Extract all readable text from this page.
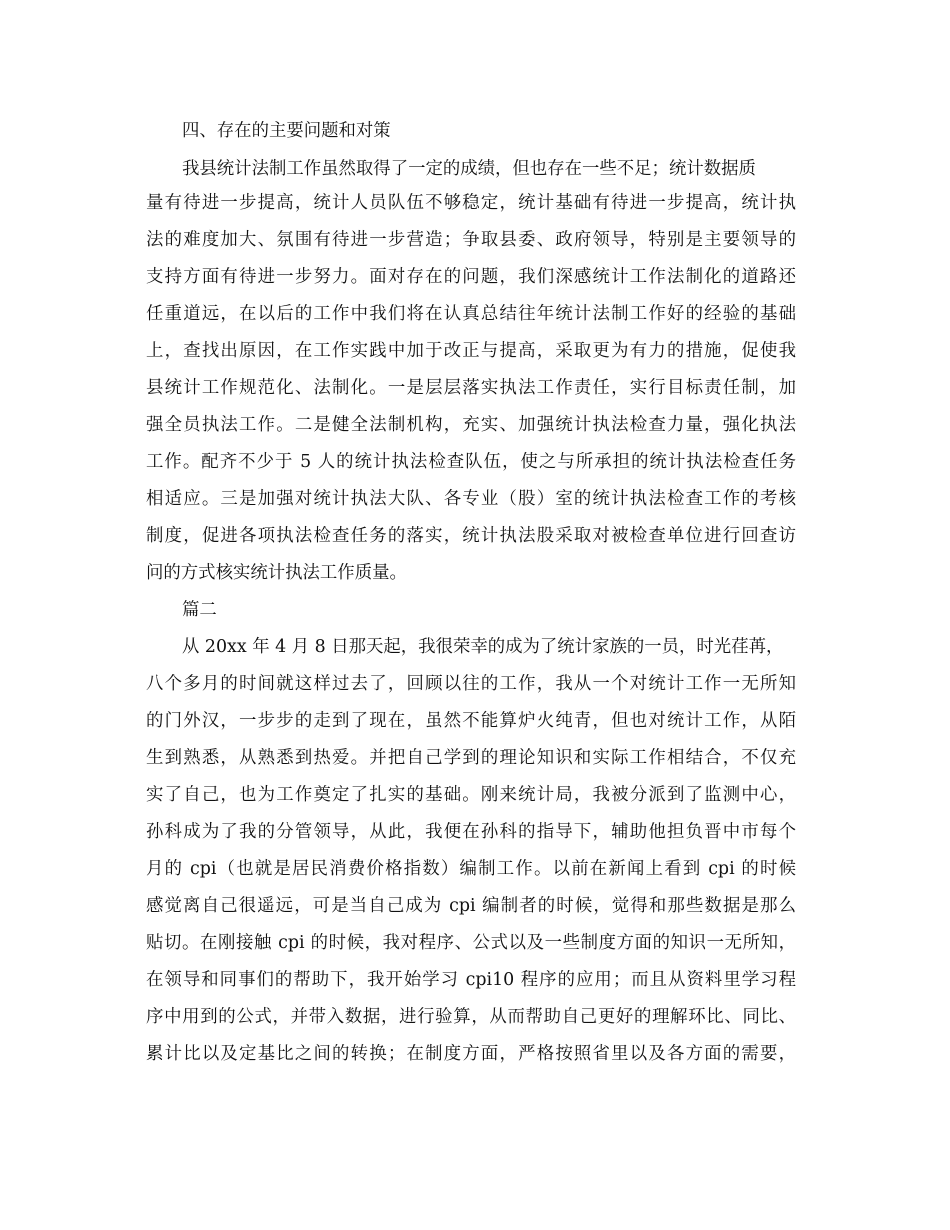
四、存在的主要问题和对策
我县统计法制工作虽然取得了一定的成绩，但也存在一些不足；统计数据质
量有待进一步提高，统计人员队伍不够稳定，统计基础有待进一步提高，统计执
法的难度加大、氛围有待进一步营造；争取县委、政府领导，特别是主要领导的
支持方面有待进一步努力。面对存在的问题，我们深感统计工作法制化的道路还
任重道远，在以后的工作中我们将在认真总结往年统计法制工作好的经验的基础
上，查找出原因，在工作实践中加于改正与提高，采取更为有力的措施，促使我
县统计工作规范化、法制化。一是层层落实执法工作责任，实行目标责任制，加
强全员执法工作。二是健全法制机构，充实、加强统计执法检查力量，强化执法
工作。配齐不少于 5 人的统计执法检查队伍，使之与所承担的统计执法检查任务
相适应。三是加强对统计执法大队、各专业（股）室的统计执法检查工作的考核
制度，促进各项执法检查任务的落实，统计执法股采取对被检查单位进行回查访
问的方式核实统计执法工作质量。
篇二
从 20xx 年 4 月 8 日那天起，我很荣幸的成为了统计家族的一员，时光荏苒，
八个多月的时间就这样过去了，回顾以往的工作，我从一个对统计工作一无所知
的门外汉，一步步的走到了现在，虽然不能算炉火纯青，但也对统计工作，从陌
生到熟悉，从熟悉到热爱。并把自己学到的理论知识和实际工作相结合，不仅充
实了自己，也为工作奠定了扎实的基础。刚来统计局，我被分派到了监测中心，
孙科成为了我的分管领导，从此，我便在孙科的指导下，辅助他担负晋中市每个
月的 cpi（也就是居民消费价格指数）编制工作。以前在新闻上看到 cpi 的时候
感觉离自己很遥远，可是当自己成为 cpi 编制者的时候，觉得和那些数据是那么
贴切。在刚接触 cpi 的时候，我对程序、公式以及一些制度方面的知识一无所知，
在领导和同事们的帮助下，我开始学习 cpi10 程序的应用；而且从资料里学习程
序中用到的公式，并带入数据，进行验算，从而帮助自己更好的理解环比、同比、
累计比以及定基比之间的转换；在制度方面，严格按照省里以及各方面的需要，
